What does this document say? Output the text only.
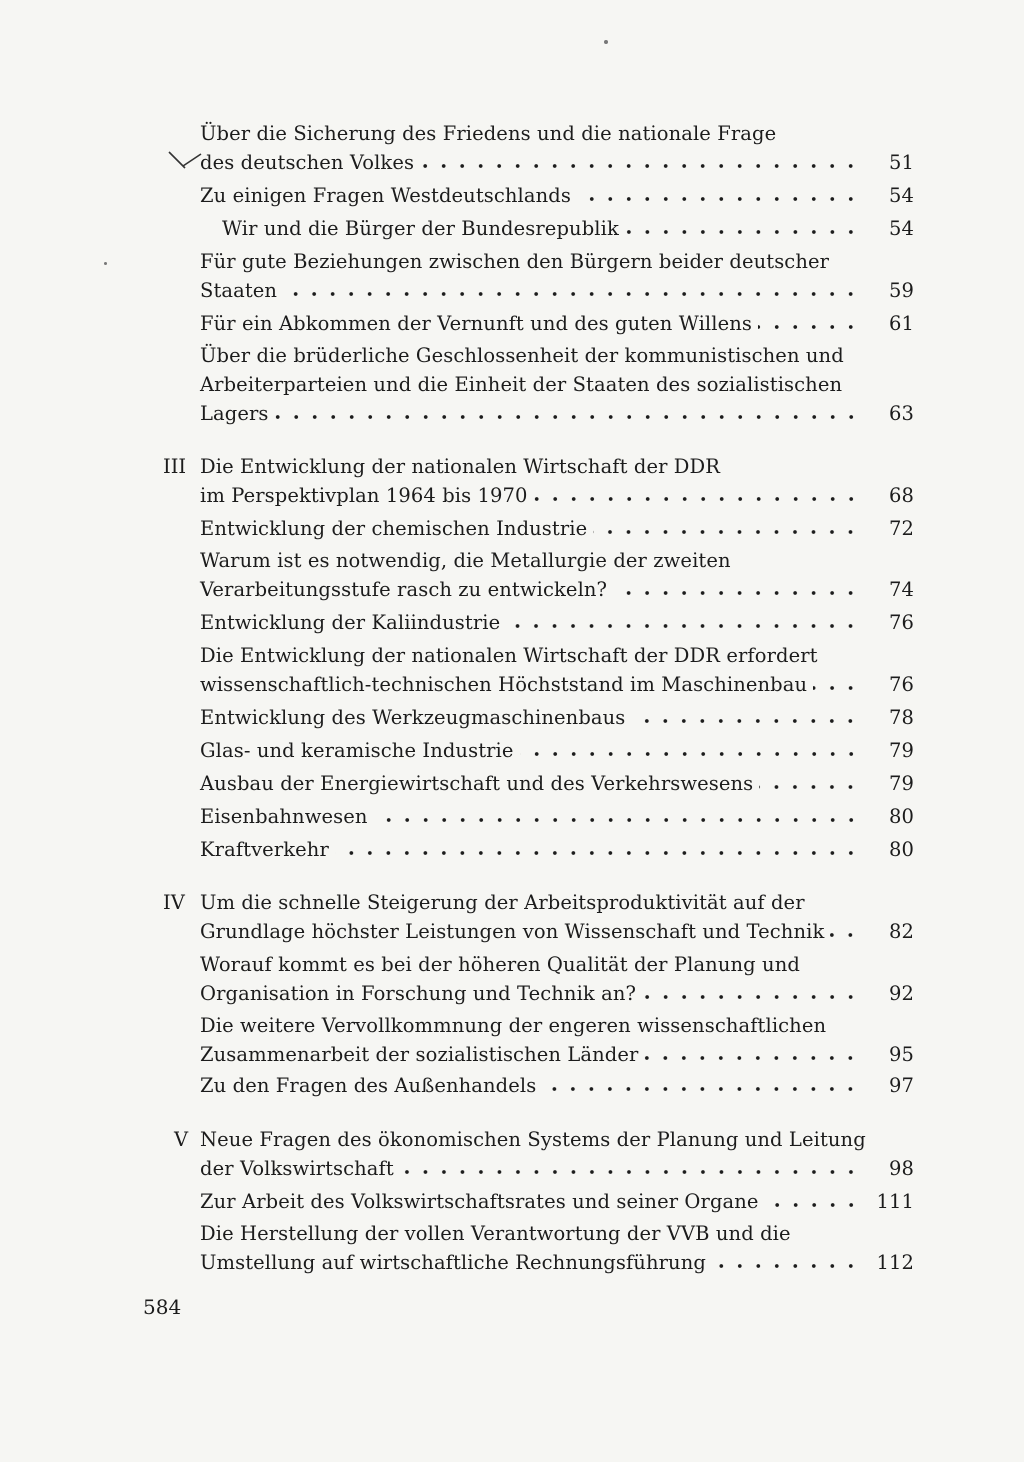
Über die Sicherung des Friedens und die nationale Frage
des deutschen Volkes	51
Zu einigen Fragen Westdeutschlands	54
Wir und die Bürger der Bundesrepublik	54
Für gute Beziehungen zwischen den Bürgern beider deutscher
Staaten	59
Für ein Abkommen der Vernunft und des guten Willens	61
Über die brüderliche Geschlossenheit der kommunistischen und
Arbeiterparteien und die Einheit der Staaten des sozialistischen
Lagers	63
III Die Entwicklung der nationalen Wirtschaft der DDR
im Perspektivplan 1964 bis 1970	68
Entwicklung der chemischen Industrie	72
Warum ist es notwendig, die Metallurgie der zweiten
Verarbeitungsstufe rasch zu entwickeln?	74
Entwicklung der Kaliindustrie	76
Die Entwicklung der nationalen Wirtschaft der DDR erfordert
wissenschaftlich-technischen Höchststand im Maschinenbau	76
Entwicklung des Werkzeugmaschinenbaus	78
Glas- und keramische Industrie	79
Ausbau der Energiewirtschaft und des Verkehrswesens	79
Eisenbahnwesen	80
Kraftverkehr	80
IV Um die schnelle Steigerung der Arbeitsproduktivität auf der
Grundlage höchster Leistungen von Wissenschaft und Technik	82
Worauf kommt es bei der höheren Qualität der Planung und
Organisation in Forschung und Technik an?	92
Die weitere Vervollkommnung der engeren wissenschaftlichen
Zusammenarbeit der sozialistischen Länder	95
Zu den Fragen des Außenhandels	97
V Neue Fragen des ökonomischen Systems der Planung und Leitung
der Volkswirtschaft	98
Zur Arbeit des Volkswirtschaftsrates und seiner Organe	111
Die Herstellung der vollen Verantwortung der VVB und die
Umstellung auf wirtschaftliche Rechnungsführung	112
584
